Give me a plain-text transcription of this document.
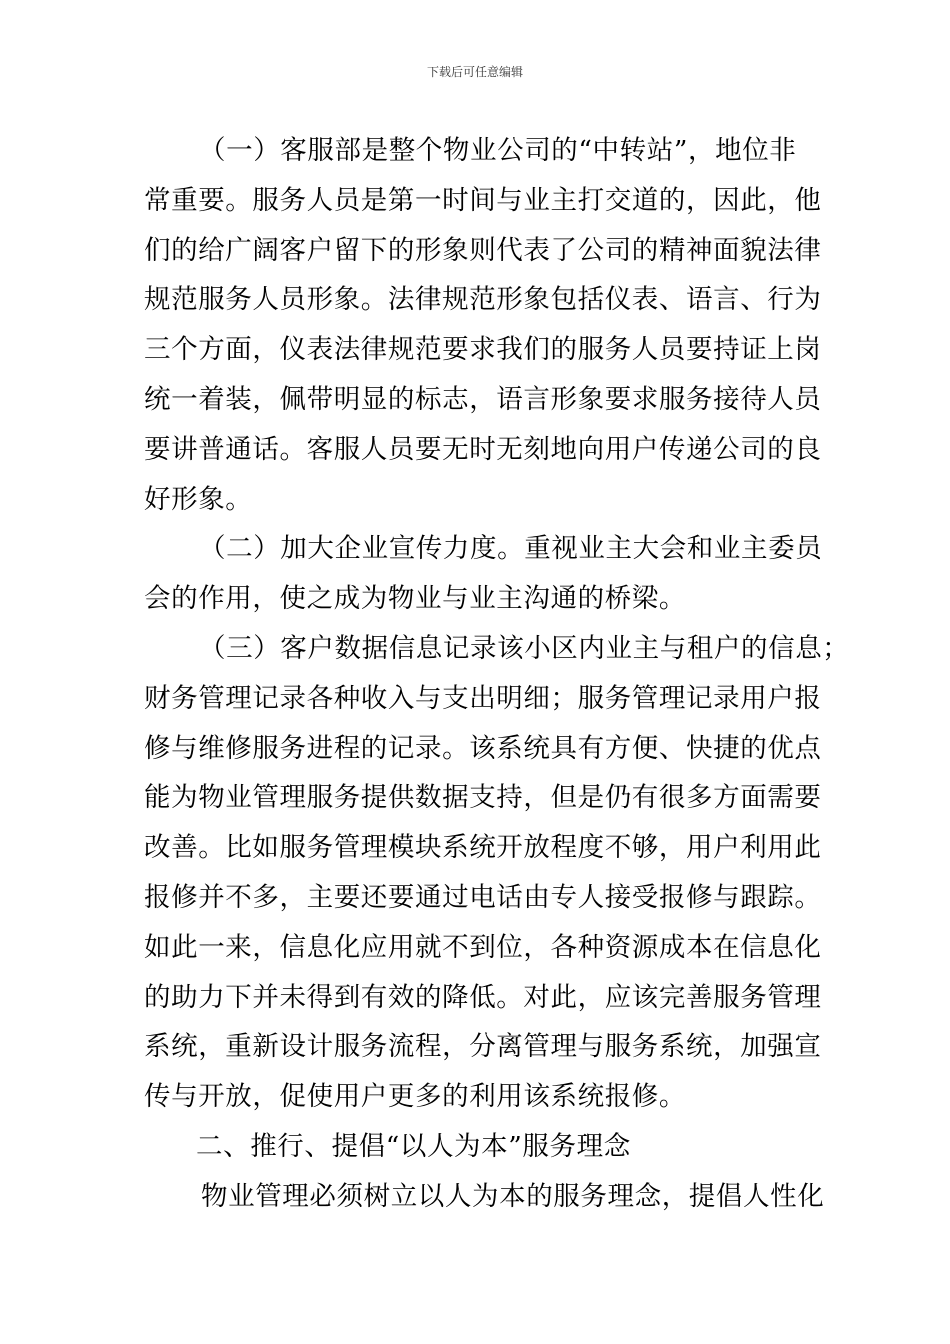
下载后可任意编辑
（一）客服部是整个物业公司的“中转站”，地位非
常重要。服务人员是第一时间与业主打交道的，因此，他
们的给广阔客户留下的形象则代表了公司的精神面貌法律
规范服务人员形象。法律规范形象包括仪表、语言、行为
三个方面，仪表法律规范要求我们的服务人员要持证上岗
统一着装，佩带明显的标志，语言形象要求服务接待人员
要讲普通话。客服人员要无时无刻地向用户传递公司的良
好形象。
（二）加大企业宣传力度。重视业主大会和业主委员
会的作用，使之成为物业与业主沟通的桥梁。
（三）客户数据信息记录该小区内业主与租户的信息；
财务管理记录各种收入与支出明细；服务管理记录用户报
修与维修服务进程的记录。该系统具有方便、快捷的优点
能为物业管理服务提供数据支持，但是仍有很多方面需要
改善。比如服务管理模块系统开放程度不够，用户利用此
报修并不多，主要还要通过电话由专人接受报修与跟踪。
如此一来，信息化应用就不到位，各种资源成本在信息化
的助力下并未得到有效的降低。对此，应该完善服务管理
系统，重新设计服务流程，分离管理与服务系统，加强宣
传与开放，促使用户更多的利用该系统报修。
二、推行、提倡“以人为本”服务理念
物业管理必须树立以人为本的服务理念，提倡人性化
